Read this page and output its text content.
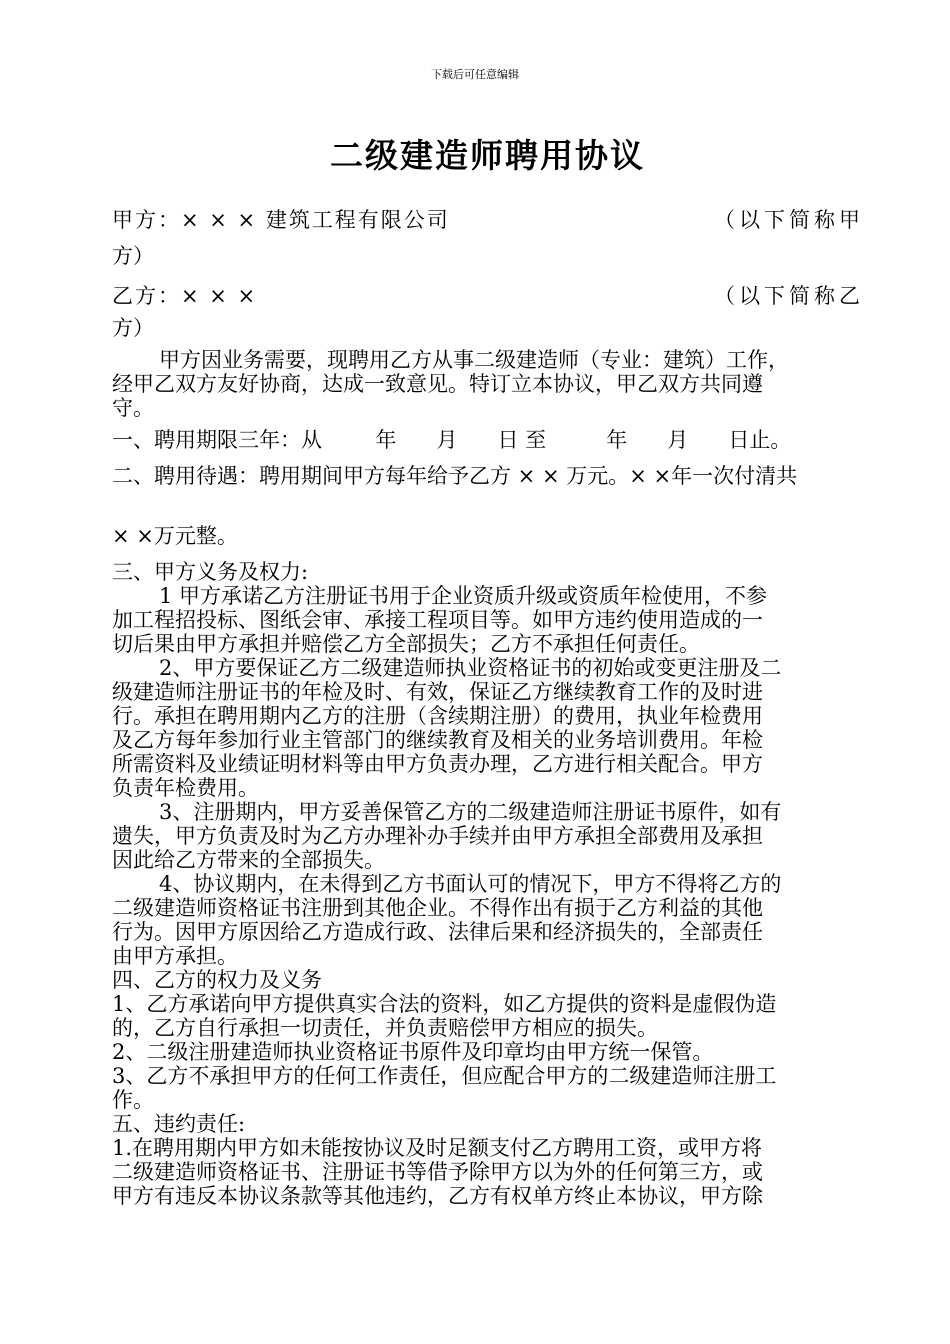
下载后可任意编辑
二级建造师聘用协议
甲方：× × × 建筑工程有限公司	（以下简称甲
方）
乙方：× × ×	（以下简称乙
方）
甲方因业务需要，现聘用乙方从事二级建造师（专业：建筑）工作，
经甲乙双方友好协商，达成一致意见。特订立本协议，甲乙双方共同遵
守。
一、聘用期限三年：从        年      月      日 至         年      月      日止。
二、聘用待遇：聘用期间甲方每年给予乙方 × × 万元。× ×年一次付清共
× ×万元整。
三、甲方义务及权力:
1 甲方承诺乙方注册证书用于企业资质升级或资质年检使用，不参
加工程招投标、图纸会审、承接工程项目等。如甲方违约使用造成的一
切后果由甲方承担并赔偿乙方全部损失；乙方不承担任何责任。
2、甲方要保证乙方二级建造师执业资格证书的初始或变更注册及二
级建造师注册证书的年检及时、有效，保证乙方继续教育工作的及时进
行。承担在聘用期内乙方的注册（含续期注册）的费用，执业年检费用
及乙方每年参加行业主管部门的继续教育及相关的业务培训费用。年检
所需资料及业绩证明材料等由甲方负责办理，乙方进行相关配合。甲方
负责年检费用。
3、注册期内，甲方妥善保管乙方的二级建造师注册证书原件，如有
遗失，甲方负责及时为乙方办理补办手续并由甲方承担全部费用及承担
因此给乙方带来的全部损失。
4、协议期内，在未得到乙方书面认可的情况下，甲方不得将乙方的
二级建造师资格证书注册到其他企业。不得作出有损于乙方利益的其他
行为。因甲方原因给乙方造成行政、法律后果和经济损失的，全部责任
由甲方承担。
四、乙方的权力及义务
1、乙方承诺向甲方提供真实合法的资料，如乙方提供的资料是虚假伪造
的，乙方自行承担一切责任，并负责赔偿甲方相应的损失。
2、二级注册建造师执业资格证书原件及印章均由甲方统一保管。
3、乙方不承担甲方的任何工作责任，但应配合甲方的二级建造师注册工
作。
五、违约责任:
1.在聘用期内甲方如未能按协议及时足额支付乙方聘用工资，或甲方将
二级建造师资格证书、注册证书等借予除甲方以为外的任何第三方，或
甲方有违反本协议条款等其他违约，乙方有权单方终止本协议，甲方除
